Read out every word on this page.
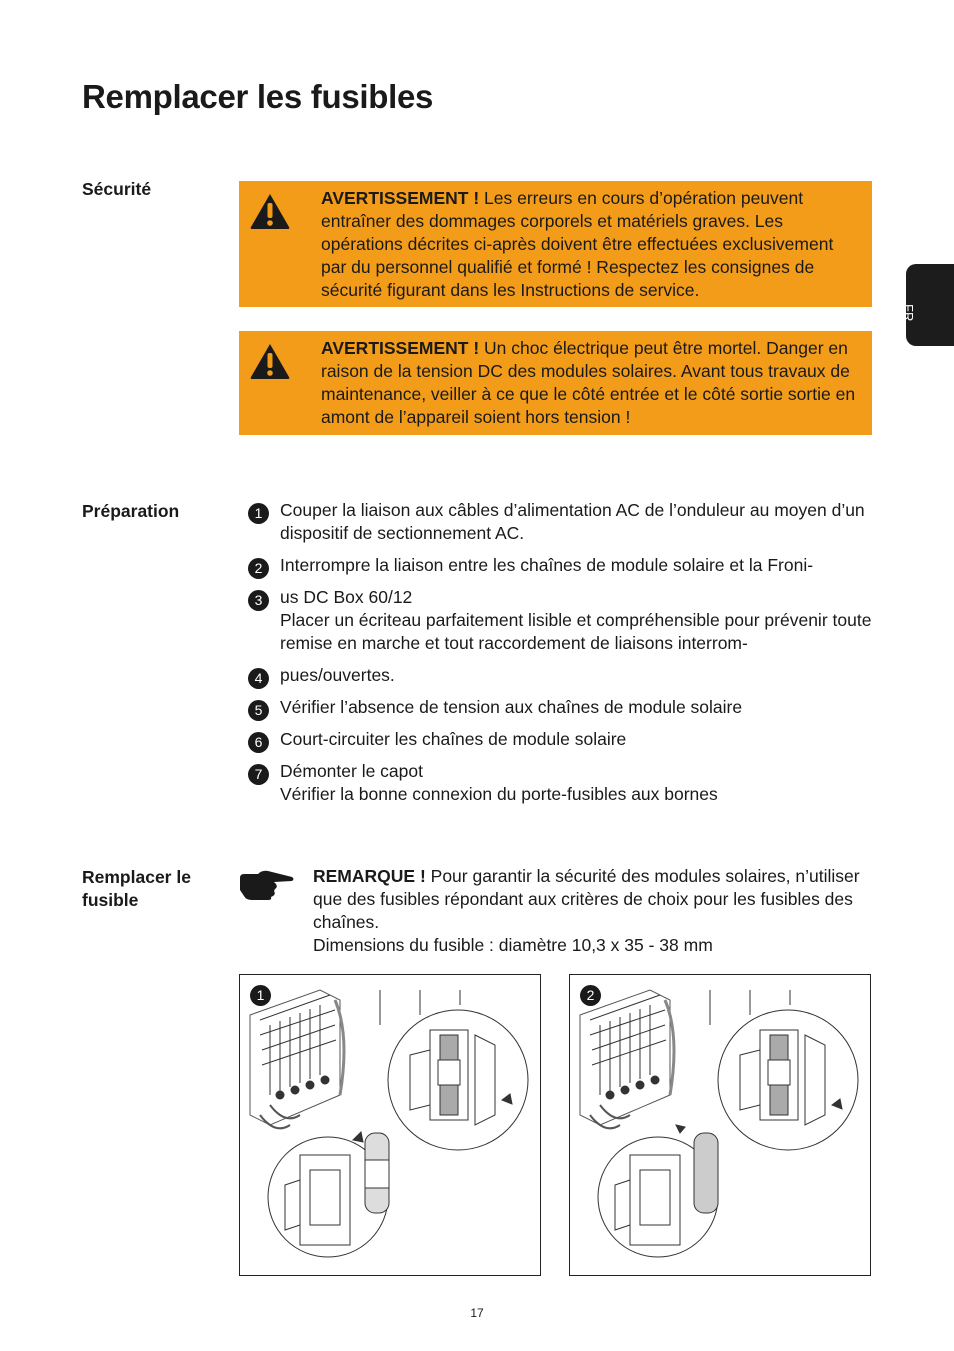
Remplacer les fusibles
FR
Sécurité	AVERTISSEMENT ! Les erreurs en cours d’opération peuvent entraîner des dommages corporels et matériels graves. Les opérations décrites ci-après doivent être effectuées exclusivement par du personnel qualifié et formé ! Respectez les consignes de sécurité figurant dans les Instructions de service.
AVERTISSEMENT ! Un choc électrique peut être mortel. Danger en raison de la tension DC des modules solaires. Avant tous travaux de maintenance, veiller à ce que le côté entrée et le côté sortie sortie en amont de l’appareil soient hors tension !
Préparation	1	Couper la liaison aux câbles d’alimentation AC de l’onduleur au moyen d’un dispositif de sectionnement AC.

2	Interrompre la liaison entre les chaînes de module solaire et la Froni-

3	us DC Box 60/12

Placer un écriteau parfaitement lisible et compréhensible pour prévenir toute remise en marche et tout raccordement de liaisons interrom-

4	pues/ouvertes.

5	Vérifier l’absence de tension aux chaînes de module solaire

6	Court-circuiter les chaînes de module solaire

7	Démonter le capot

Vérifier la bonne connexion du porte-fusibles aux bornes

Remplacer le
fusible

REMARQUE ! Pour garantir la sécurité des modules solaires, n’utiliser que des fusibles répondant aux critères de choix pour les fusibles des chaînes.

Dimensions du fusible : diamètre 10,3 x 35 - 38 mm

1	2
17
